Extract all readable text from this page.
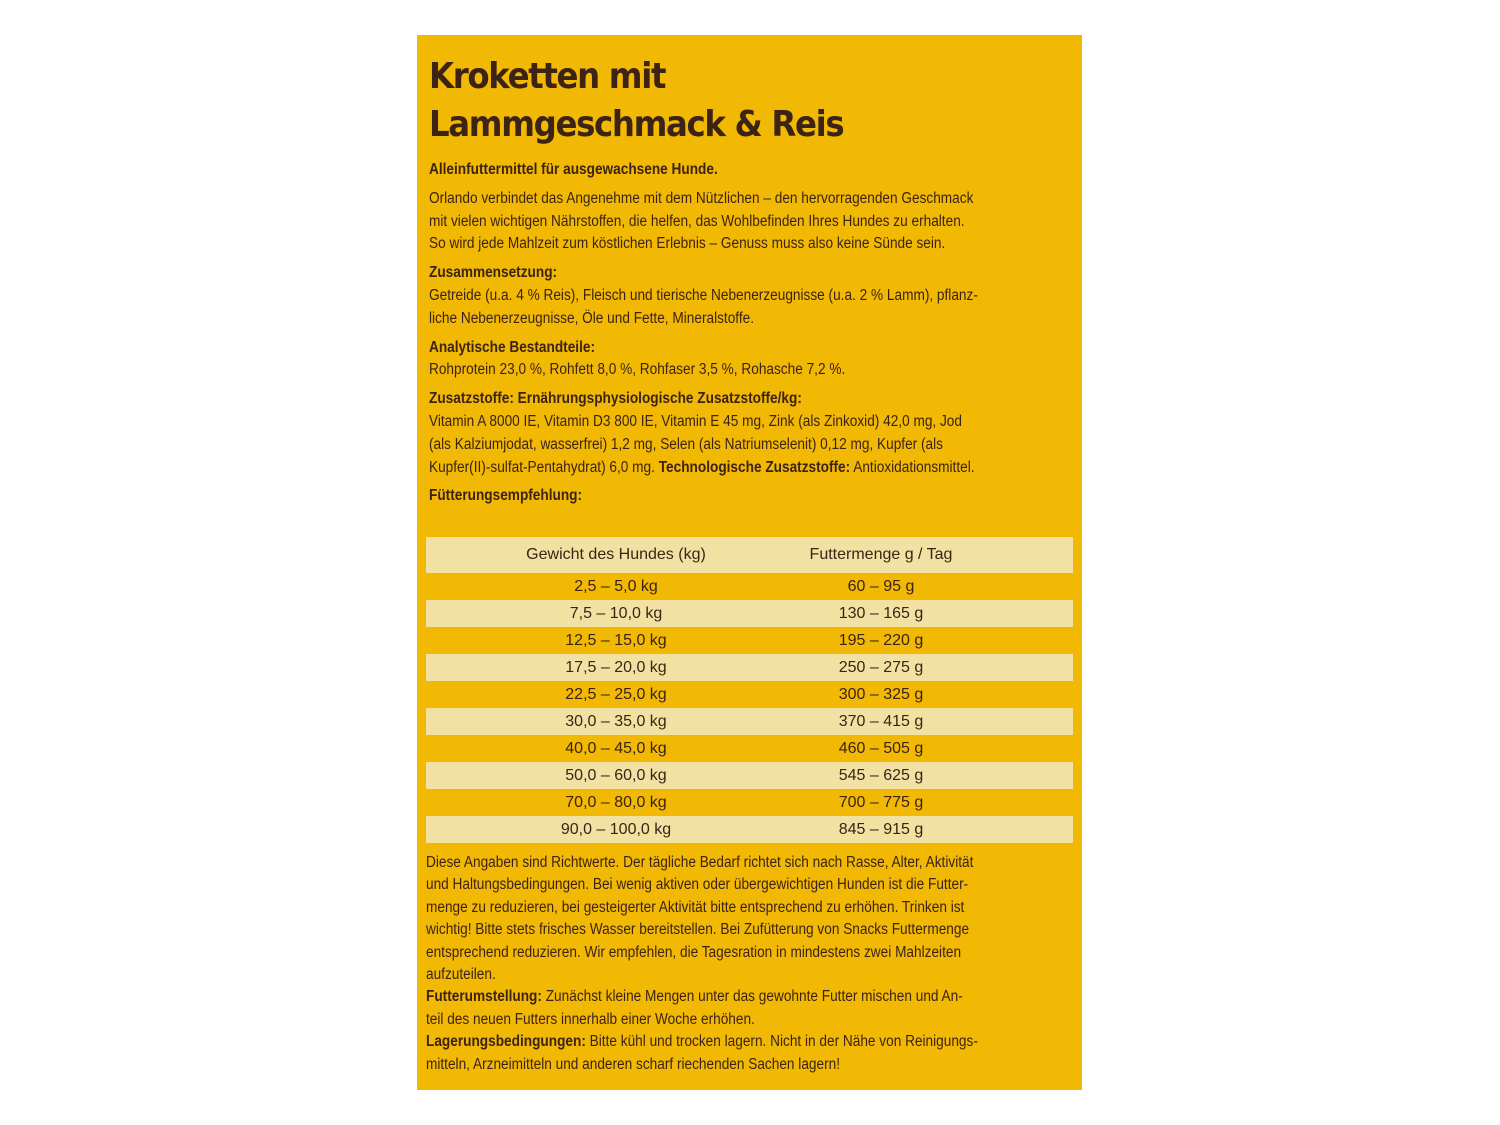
Kroketten mit
Lammgeschmack & Reis

Alleinfuttermittel für ausgewachsene Hunde.

Orlando verbindet das Angenehme mit dem Nützlichen – den hervorragenden Geschmack
mit vielen wichtigen Nährstoffen, die helfen, das Wohlbefinden Ihres Hundes zu erhalten.
So wird jede Mahlzeit zum köstlichen Erlebnis – Genuss muss also keine Sünde sein.

Zusammensetzung:
Getreide (u.a. 4 % Reis), Fleisch und tierische Nebenerzeugnisse (u.a. 2 % Lamm), pflanz-
liche Nebenerzeugnisse, Öle und Fette, Mineralstoffe.

Analytische Bestandteile:
Rohprotein 23,0 %, Rohfett 8,0 %, Rohfaser 3,5 %, Rohasche 7,2 %.

Zusatzstoffe: Ernährungsphysiologische Zusatzstoffe/kg:
Vitamin A 8000 IE, Vitamin D3 800 IE, Vitamin E 45 mg, Zink (als Zinkoxid) 42,0 mg, Jod
(als Kalziumjodat, wasserfrei) 1,2 mg, Selen (als Natriumselenit) 0,12 mg, Kupfer (als
Kupfer(II)-sulfat-Pentahydrat) 6,0 mg. Technologische Zusatzstoffe: Antioxidationsmittel.

Fütterungsempfehlung:

Gewicht des Hundes (kg)	Futtermenge g / Tag
2,5 – 5,0 kg	60 – 95 g
7,5 – 10,0 kg	130 – 165 g
12,5 – 15,0 kg	195 – 220 g
17,5 – 20,0 kg	250 – 275 g
22,5 – 25,0 kg	300 – 325 g
30,0 – 35,0 kg	370 – 415 g
40,0 – 45,0 kg	460 – 505 g
50,0 – 60,0 kg	545 – 625 g
70,0 – 80,0 kg	700 – 775 g
90,0 – 100,0 kg	845 – 915 g

Diese Angaben sind Richtwerte. Der tägliche Bedarf richtet sich nach Rasse, Alter, Aktivität
und Haltungsbedingungen. Bei wenig aktiven oder übergewichtigen Hunden ist die Futter-
menge zu reduzieren, bei gesteigerter Aktivität bitte entsprechend zu erhöhen. Trinken ist
wichtig! Bitte stets frisches Wasser bereitstellen. Bei Zufütterung von Snacks Futtermenge
entsprechend reduzieren. Wir empfehlen, die Tagesration in mindestens zwei Mahlzeiten
aufzuteilen.

Futterumstellung: Zunächst kleine Mengen unter das gewohnte Futter mischen und An-
teil des neuen Futters innerhalb einer Woche erhöhen.

Lagerungsbedingungen: Bitte kühl und trocken lagern. Nicht in der Nähe von Reinigungs-
mitteln, Arzneimitteln und anderen scharf riechenden Sachen lagern!
